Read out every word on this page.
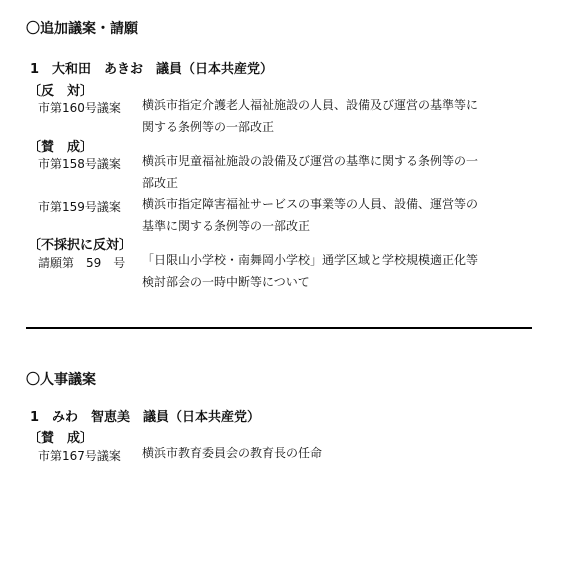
〇追加議案・請願
1　大和田　あきお　議員（日本共産党）
〔反　対〕
市第160号議案 横浜市指定介護老人福祉施設の人員、設備及び運営の基準等に
関する条例等の一部改正
〔賛　成〕
市第158号議案 横浜市児童福祉施設の設備及び運営の基準に関する条例等の一
部改正
市第159号議案 横浜市指定障害福祉サービスの事業等の人員、設備、運営等の
基準に関する条例等の一部改正
〔不採択に反対〕
請願第　59　号 「日限山小学校・南舞岡小学校」通学区域と学校規模適正化等
検討部会の一時中断等について
〇人事議案
1　みわ　智恵美　議員（日本共産党）
〔賛　成〕
市第167号議案 横浜市教育委員会の教育長の任命
